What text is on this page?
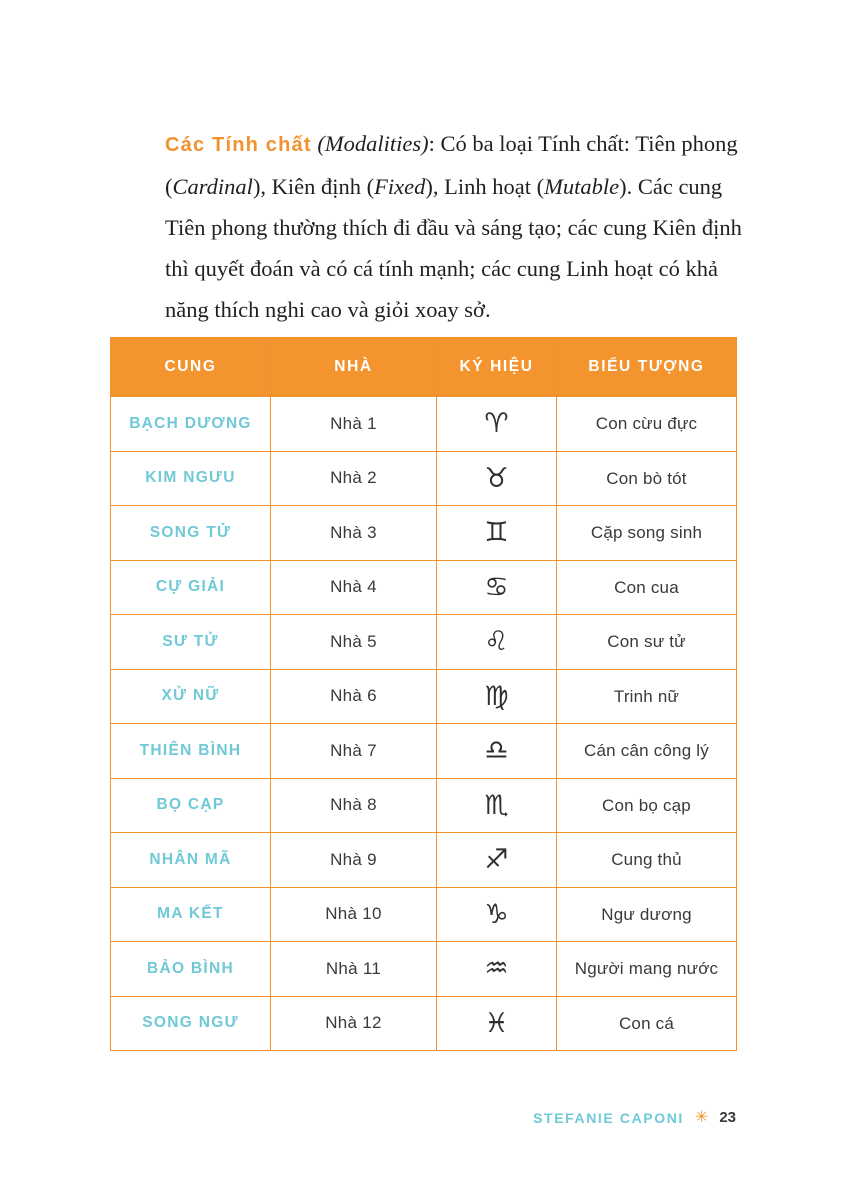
Các Tính chất (Modalities): Có ba loại Tính chất: Tiên phong (Cardinal), Kiên định (Fixed), Linh hoạt (Mutable). Các cung Tiên phong thường thích đi đầu và sáng tạo; các cung Kiên định thì quyết đoán và có cá tính mạnh; các cung Linh hoạt có khả năng thích nghi cao và giỏi xoay sở.

CUNG	NHÀ	KÝ HIỆU	BIỂU TƯỢNG
BẠCH DƯƠNG	Nhà 1	♈	Con cừu đực
KIM NGƯU	Nhà 2	♉	Con bò tót
SONG TỬ	Nhà 3	♊	Cặp song sinh
CỰ GIẢI	Nhà 4	♋	Con cua
SƯ TỬ	Nhà 5	♌	Con sư tử
XỬ NỮ	Nhà 6	♍	Trinh nữ
THIÊN BÌNH	Nhà 7	♎	Cán cân công lý
BỌ CẠP	Nhà 8	♏	Con bọ cạp
NHÂN MÃ	Nhà 9	♐	Cung thủ
MA KẾT	Nhà 10	♑	Ngư dương
BẢO BÌNH	Nhà 11	♒	Người mang nước
SONG NGƯ	Nhà 12	♓	Con cá
STEFANIE CAPONI ✳ 23
